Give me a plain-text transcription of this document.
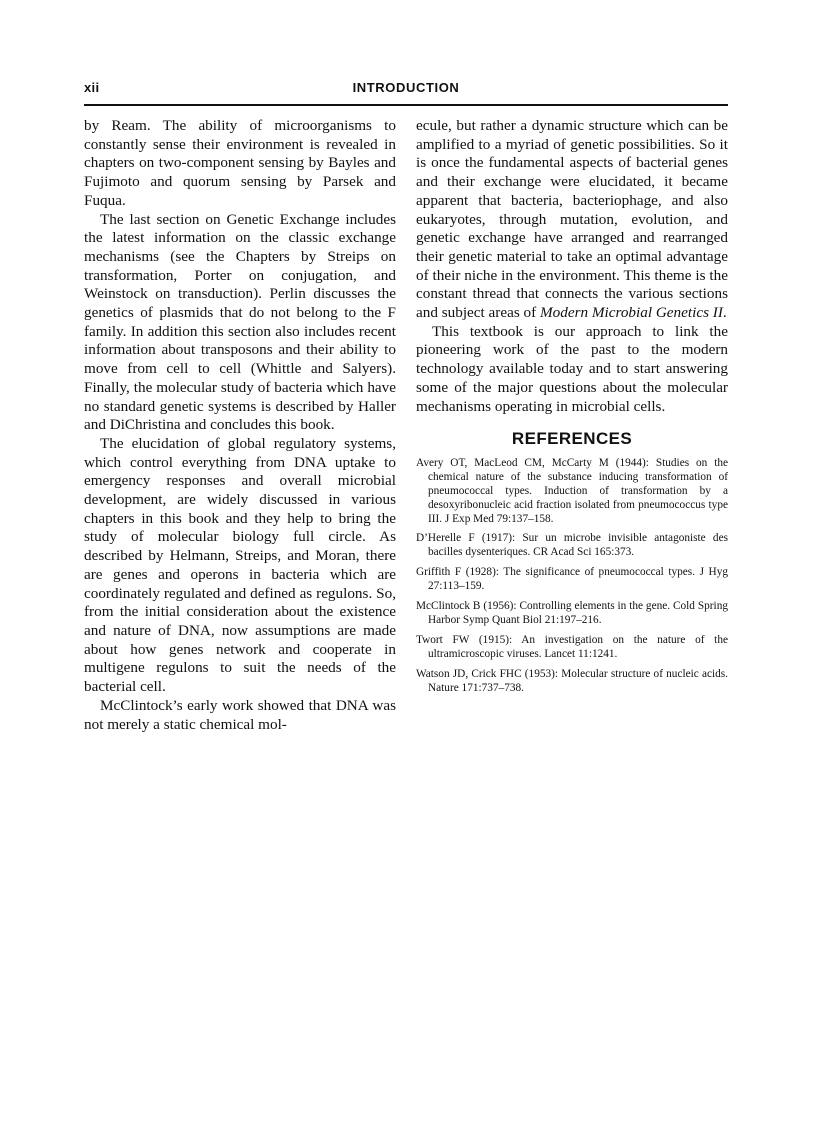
xii	INTRODUCTION

by Ream. The ability of microorganisms to constantly sense their environment is revealed in chapters on two-component sensing by Bayles and Fujimoto and quorum sensing by Parsek and Fuqua.

The last section on Genetic Exchange includes the latest information on the classic exchange mechanisms (see the Chapters by Streips on transformation, Porter on conjugation, and Weinstock on transduction). Perlin discusses the genetics of plasmids that do not belong to the F family. In addition this section also includes recent information about transposons and their ability to move from cell to cell (Whittle and Salyers). Finally, the molecular study of bacteria which have no standard genetic systems is described by Haller and DiChristina and concludes this book.

The elucidation of global regulatory systems, which control everything from DNA uptake to emergency responses and overall microbial development, are widely discussed in various chapters in this book and they help to bring the study of molecular biology full circle. As described by Helmann, Streips, and Moran, there are genes and operons in bacteria which are coordinately regulated and defined as regulons. So, from the initial consideration about the existence and nature of DNA, now assumptions are made about how genes network and cooperate in multigene regulons to suit the needs of the bacterial cell.

McClintock’s early work showed that DNA was not merely a static chemical mol-

ecule, but rather a dynamic structure which can be amplified to a myriad of genetic possibilities. So it is once the fundamental aspects of bacterial genes and their exchange were elucidated, it became apparent that bacteria, bacteriophage, and also eukaryotes, through mutation, evolution, and genetic exchange have arranged and rearranged their genetic material to take an optimal advantage of their niche in the environment. This theme is the constant thread that connects the various sections and subject areas of Modern Microbial Genetics II.

This textbook is our approach to link the pioneering work of the past to the modern technology available today and to start answering some of the major questions about the molecular mechanisms operating in microbial cells.

REFERENCES
Avery OT, MacLeod CM, McCarty M (1944): Studies on the chemical nature of the substance inducing transformation of pneumococcal types. Induction of transformation by a desoxyribonucleic acid fraction isolated from pneumococcus type III. J Exp Med 79:137–158.
D’Herelle F (1917): Sur un microbe invisible antagoniste des bacilles dysenteriques. CR Acad Sci 165:373.
Griffith F (1928): The significance of pneumococcal types. J Hyg 27:113–159.
McClintock B (1956): Controlling elements in the gene. Cold Spring Harbor Symp Quant Biol 21:197–216.
Twort FW (1915): An investigation on the nature of the ultramicroscopic viruses. Lancet 11:1241.
Watson JD, Crick FHC (1953): Molecular structure of nucleic acids. Nature 171:737–738.
